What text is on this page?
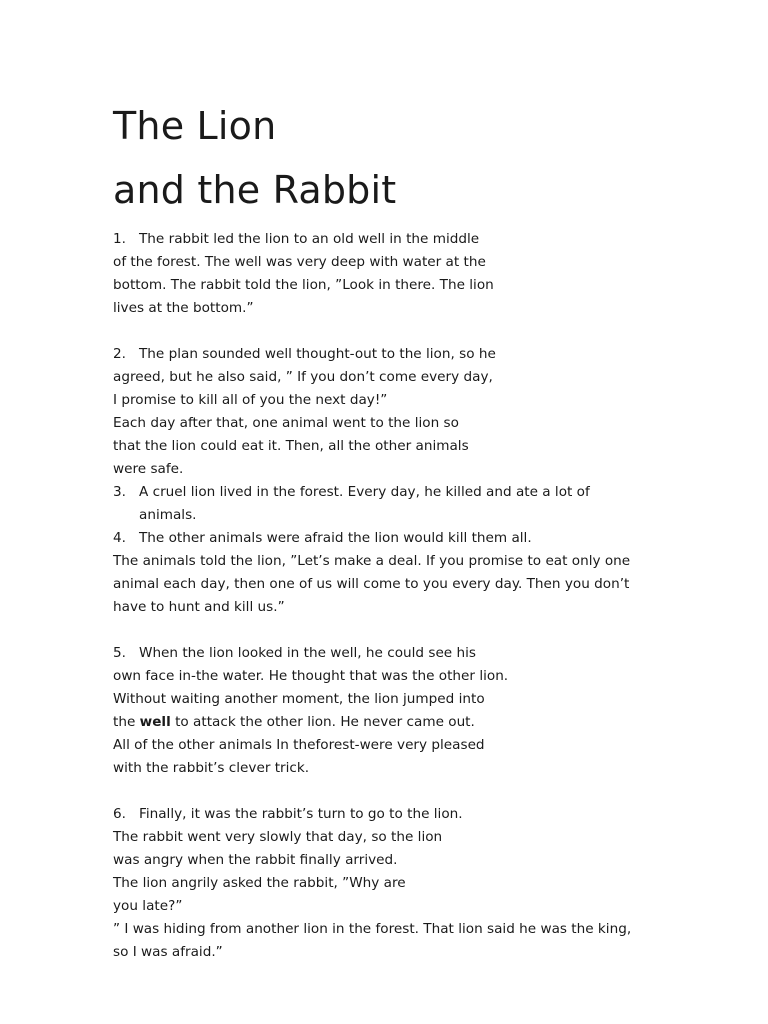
The Lion
and the Rabbit
1. The rabbit led the lion to an old well in the middle
of the forest. The well was very deep with water at the
bottom. The rabbit told the lion, ”Look in there. The lion
lives at the bottom.”
2. The plan sounded well thought-out to the lion, so he
agreed, but he also said, ” If you don’t come every day,
I promise to kill all of you the next day!”
Each day after that, one animal went to the lion so
that the lion could eat it. Then, all the other animals
were safe.
3. A cruel lion lived in the forest. Every day, he killed and ate a lot of
animals.
4. The other animals were afraid the lion would kill them all.
The animals told the lion, ”Let’s make a deal. If you promise to eat only one
animal each day, then one of us will come to you every day. Then you don’t
have to hunt and kill us.”
5. When the lion looked in the well, he could see his
own face in-the water. He thought that was the other lion.
Without waiting another moment, the lion jumped into
the well to attack the other lion. He never came out.
All of the other animals In theforest-were very pleased
with the rabbit’s clever trick.
6. Finally, it was the rabbit’s turn to go to the lion.
The rabbit went very slowly that day, so the lion
was angry when the rabbit finally arrived.
The lion angrily asked the rabbit, ”Why are
you late?”
” I was hiding from another lion in the forest. That lion said he was the king,
so I was afraid.”
